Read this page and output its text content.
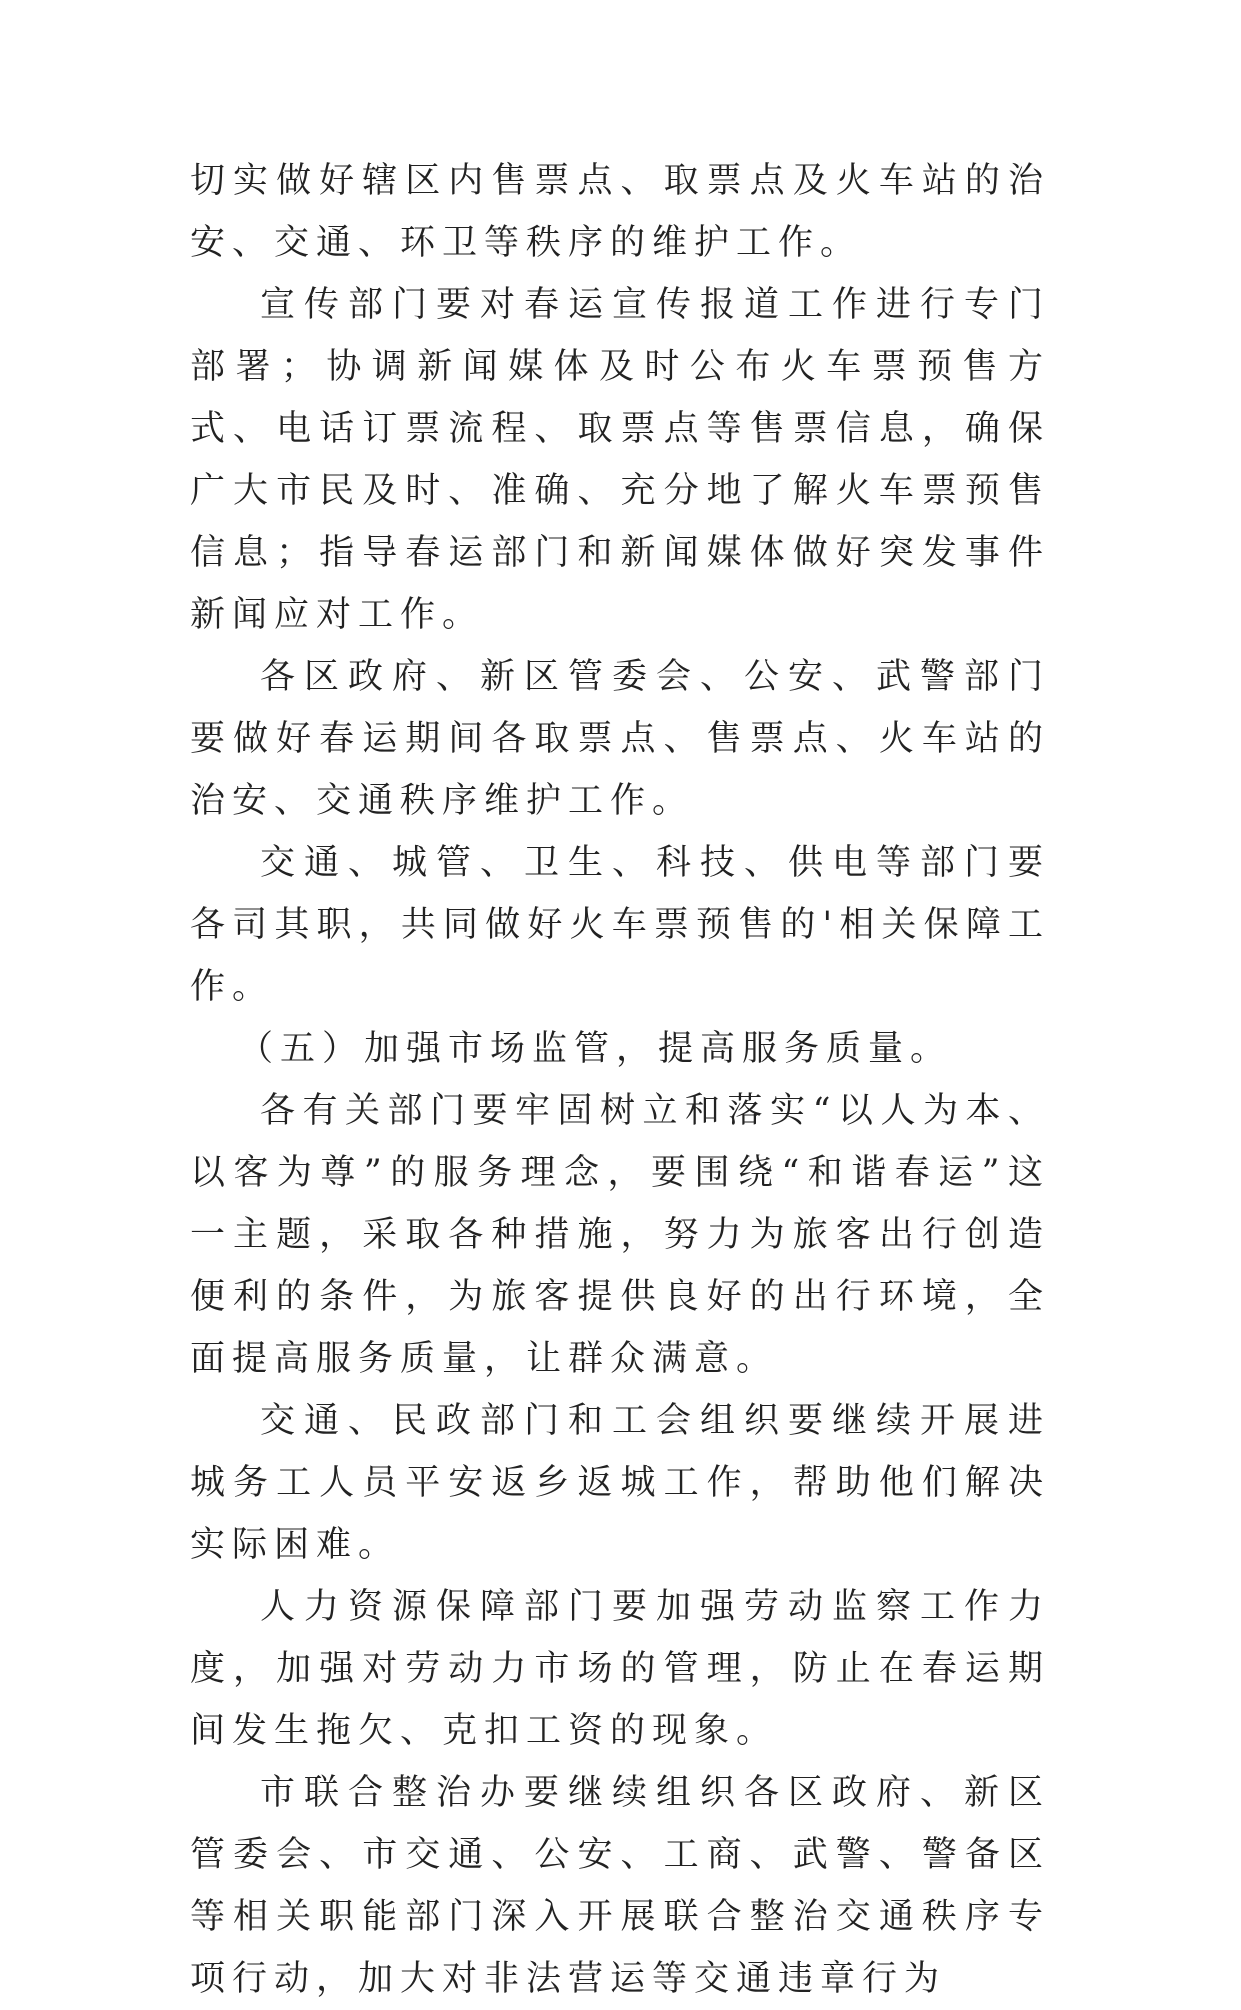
切实做好辖区内售票点、取票点及火车站的治安、交通、环卫等秩序的维护工作。

宣传部门要对春运宣传报道工作进行专门部署；协调新闻媒体及时公布火车票预售方式、电话订票流程、取票点等售票信息，确保广大市民及时、准确、充分地了解火车票预售信息；指导春运部门和新闻媒体做好突发事件新闻应对工作。

各区政府、新区管委会、公安、武警部门要做好春运期间各取票点、售票点、火车站的治安、交通秩序维护工作。

交通、城管、卫生、科技、供电等部门要各司其职，共同做好火车票预售的'相关保障工作。

（五）加强市场监管，提高服务质量。

各有关部门要牢固树立和落实“以人为本、以客为尊”的服务理念，要围绕“和谐春运”这一主题，采取各种措施，努力为旅客出行创造便利的条件，为旅客提供良好的出行环境，全面提高服务质量，让群众满意。

交通、民政部门和工会组织要继续开展进城务工人员平安返乡返城工作，帮助他们解决实际困难。

人力资源保障部门要加强劳动监察工作力度，加强对劳动力市场的管理，防止在春运期间发生拖欠、克扣工资的现象。

市联合整治办要继续组织各区政府、新区管委会、市交通、公安、工商、武警、警备区等相关职能部门深入开展联合整治交通秩序专项行动，加大对非法营运等交通违章行为
